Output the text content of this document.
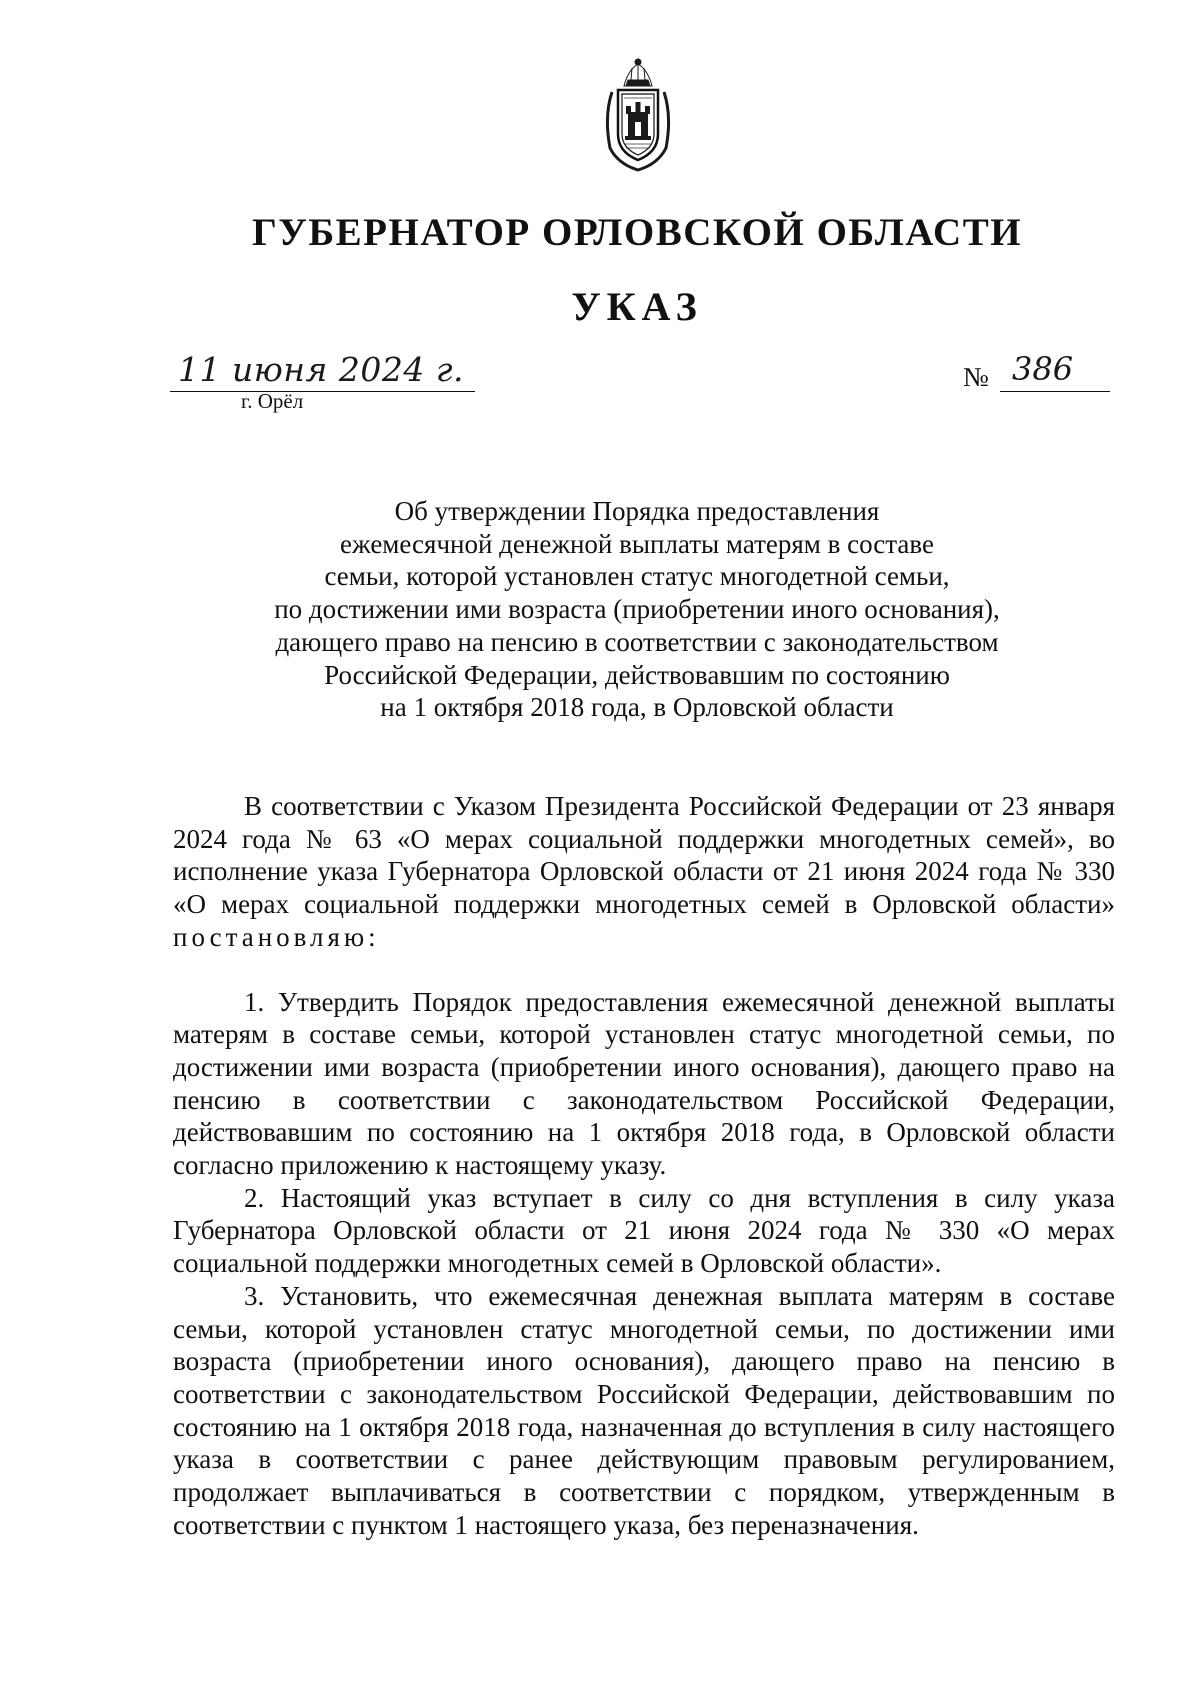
ГУБЕРНАТОР ОРЛОВСКОЙ ОБЛАСТИ
УКАЗ
11 июня 2024 г.
г. Орёл
№ 386
Об утверждении Порядка предоставления
ежемесячной денежной выплаты матерям в составе
семьи, которой установлен статус многодетной семьи,
по достижении ими возраста (приобретении иного основания),
дающего право на пенсию в соответствии с законодательством
Российской Федерации, действовавшим по состоянию
на 1 октября 2018 года, в Орловской области

В соответствии с Указом Президента Российской Федерации от 23 января 2024 года № 63 «О мерах социальной поддержки многодетных семей», во исполнение указа Губернатора Орловской области от 21 июня 2024 года № 330 «О мерах социальной поддержки многодетных семей в Орловской области» постановляю:

1. Утвердить Порядок предоставления ежемесячной денежной выплаты матерям в составе семьи, которой установлен статус многодетной семьи, по достижении ими возраста (приобретении иного основания), дающего право на пенсию в соответствии с законодательством Российской Федерации, действовавшим по состоянию на 1 октября 2018 года, в Орловской области согласно приложению к настоящему указу.

2. Настоящий указ вступает в силу со дня вступления в силу указа Губернатора Орловской области от 21 июня 2024 года № 330 «О мерах социальной поддержки многодетных семей в Орловской области».

3. Установить, что ежемесячная денежная выплата матерям в составе семьи, которой установлен статус многодетной семьи, по достижении ими возраста (приобретении иного основания), дающего право на пенсию в соответствии с законодательством Российской Федерации, действовавшим по состоянию на 1 октября 2018 года, назначенная до вступления в силу настоящего указа в соответствии с ранее действующим правовым регулированием, продолжает выплачиваться в соответствии с порядком, утвержденным в соответствии с пунктом 1 настоящего указа, без переназначения.
